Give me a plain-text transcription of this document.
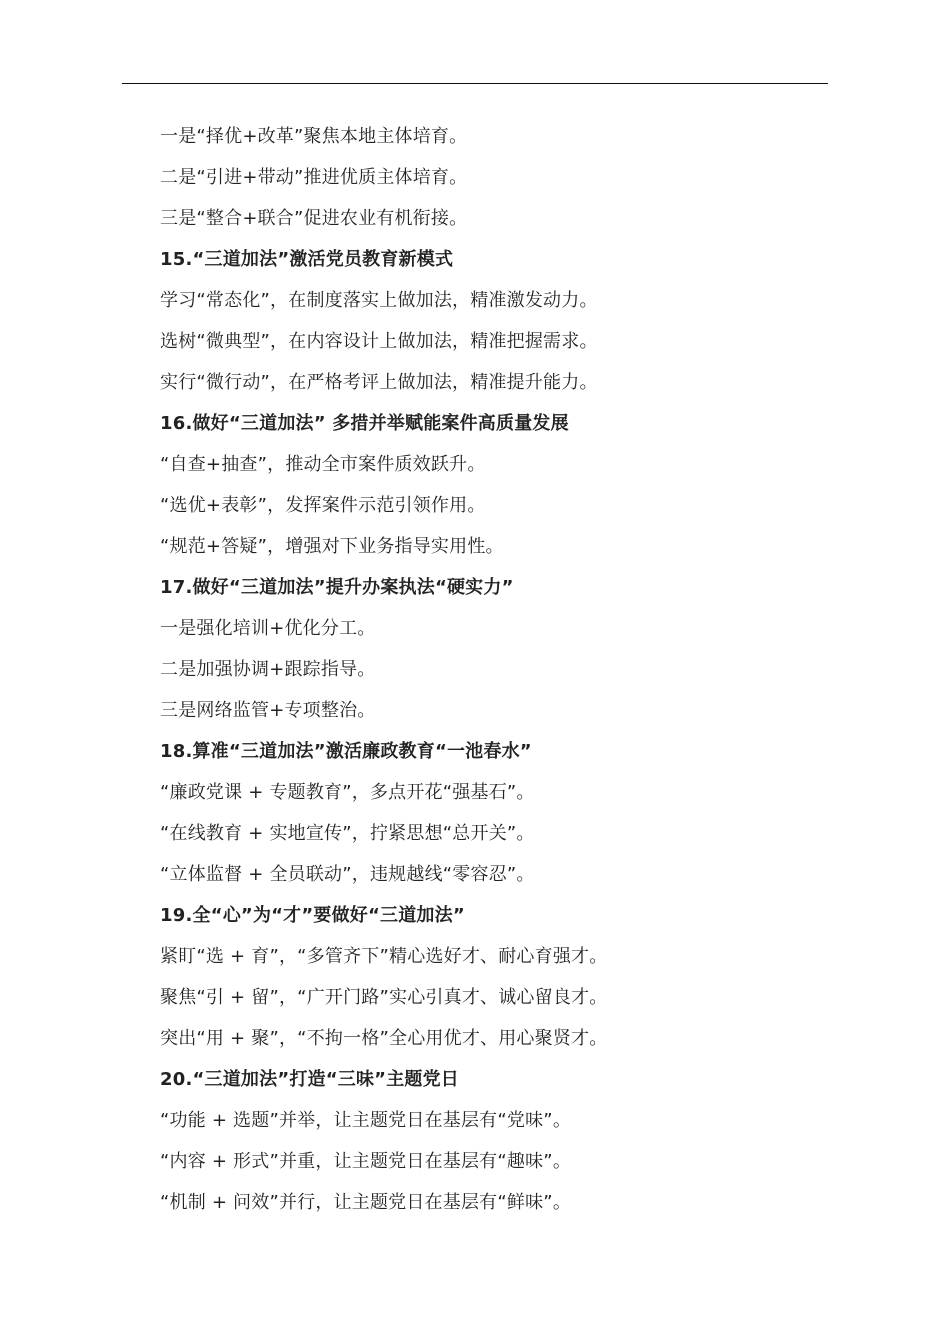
一是“择优+改革”聚焦本地主体培育。
二是“引进+带动”推进优质主体培育。
三是“整合+联合”促进农业有机衔接。
15.“三道加法”激活党员教育新模式
学习“常态化”，在制度落实上做加法，精准激发动力。
选树“微典型”，在内容设计上做加法，精准把握需求。
实行“微行动”，在严格考评上做加法，精准提升能力。
16.做好“三道加法” 多措并举赋能案件高质量发展
“自查+抽查”，推动全市案件质效跃升。
“选优+表彰”，发挥案件示范引领作用。
“规范+答疑”，增强对下业务指导实用性。
17.做好“三道加法”提升办案执法“硬实力”
一是强化培训+优化分工。
二是加强协调+跟踪指导。
三是网络监管+专项整治。
18.算准“三道加法”激活廉政教育“一池春水”
“廉政党课 + 专题教育”，多点开花“强基石”。
“在线教育 + 实地宣传”，拧紧思想“总开关”。
“立体监督 + 全员联动”，违规越线“零容忍”。
19.全“心”为“才”要做好“三道加法”
紧盯“选 + 育”，“多管齐下”精心选好才、耐心育强才。
聚焦“引 + 留”，“广开门路”实心引真才、诚心留良才。
突出“用 + 聚”，“不拘一格”全心用优才、用心聚贤才。
20.“三道加法”打造“三味”主题党日
“功能 + 选题”并举，让主题党日在基层有“党味”。
“内容 + 形式”并重，让主题党日在基层有“趣味”。
“机制 + 问效”并行，让主题党日在基层有“鲜味”。
